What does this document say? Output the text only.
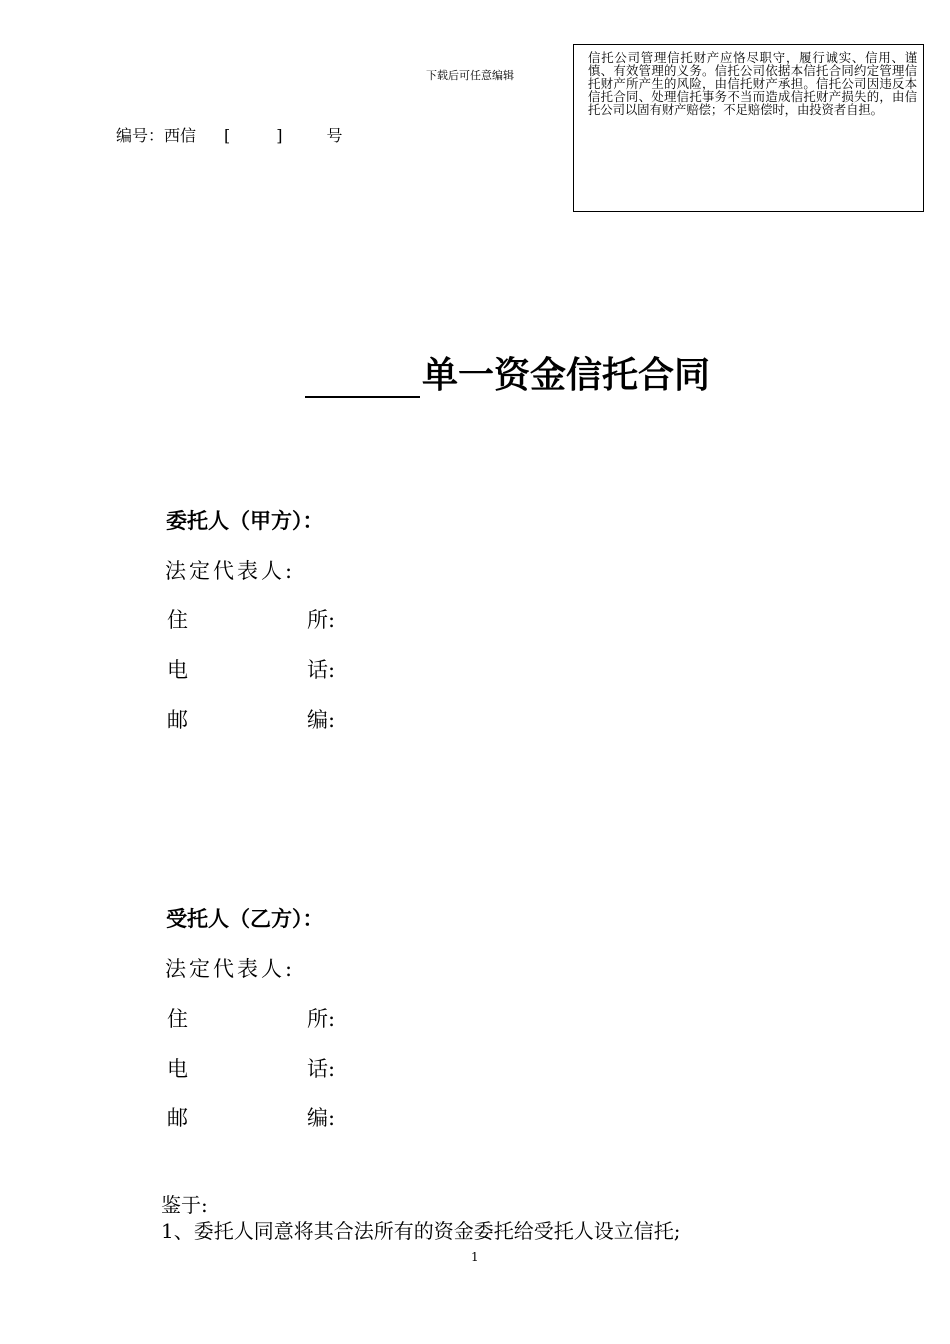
下载后可任意编辑
编号：西信 [	]	号
信托公司管理信托财产应恪尽职守，履行诚实、信用、谨慎、有效管理的义务。信托公司依据本信托合同约定管理信托财产所产生的风险，由信托财产承担。信托公司因违反本信托合同、处理信托事务不当而造成信托财产损失的，由信托公司以固有财产赔偿；不足赔偿时，由投资者自担。
单一资金信托合同
委托人（甲方）：
法定代表人:
住	所:
电	话:
邮	编:
受托人（乙方）：
法定代表人:
住	所:
电	话:
邮	编:
鉴于:
1、委托人同意将其合法所有的资金委托给受托人设立信托;
1
